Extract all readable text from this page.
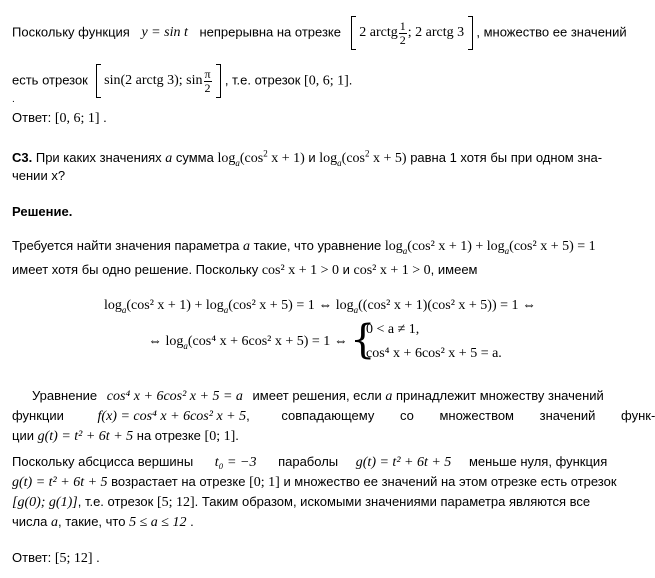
Поскольку функция y = sin t непрерывна на отрезке 2 arctg $\frac{1}{2}$ ; 2 arctg 3 , множество ее значений
есть отрезок sin(2 arctg 3); $\sin \frac{\pi}{2}$ , т.е. отрезок [0, 6; 1].
.
Ответ: [0, 6; 1] .
С3. При каких значениях a сумма $\log_a(\cos^2$ x + 1) и $\log_a(\cos^2$ x + 5) равна 1 хотя бы при одном зна-
чении x?
Решение.
Требуется найти значения параметра a такие, что уравнение $\log_a(\cos^2$ $x + 1) + \log_a(\cos^2$ x + 5) = 1
имеет хотя бы одно решение. Поскольку cos² x + 1 > 0 и cos² x + 1 > 0, имеем
$\log_a(\cos^2$ $x + 1) + \log_a(\cos^2$ x + 5) = 1 ⇔ $\log_a((\cos^2$ x + 1)(cos² x + 5)) = 1 ⇔
⇔ $\log_a(\cos^4$ x + 6cos² x + 5) = 1 ⇔ {
0 < a ≠ 1,
cos⁴ x + 6cos² x + 5 = a.
Уравнение cos⁴ x + 6cos² x + 5 = a имеет решения, если a принадлежит множеству значений
функции f(x) = cos⁴ x + 6cos² x + 5, совпадающему со множеством значений функ-
ции g(t) = t² + 6t + 5 на отрезке [0; 1].
Поскольку абсцисса вершины t₀ = −3 параболы g(t) = t² + 6t + 5 меньше нуля, функция
g(t) = t² + 6t + 5 возрастает на отрезке [0; 1] и множество ее значений на этом отрезке есть отрезок
[g(0); g(1)], т.е. отрезок [5; 12]. Таким образом, искомыми значениями параметра являются все
числа a, такие, что 5 ≤ a ≤ 12 .
Ответ: [5; 12] .
